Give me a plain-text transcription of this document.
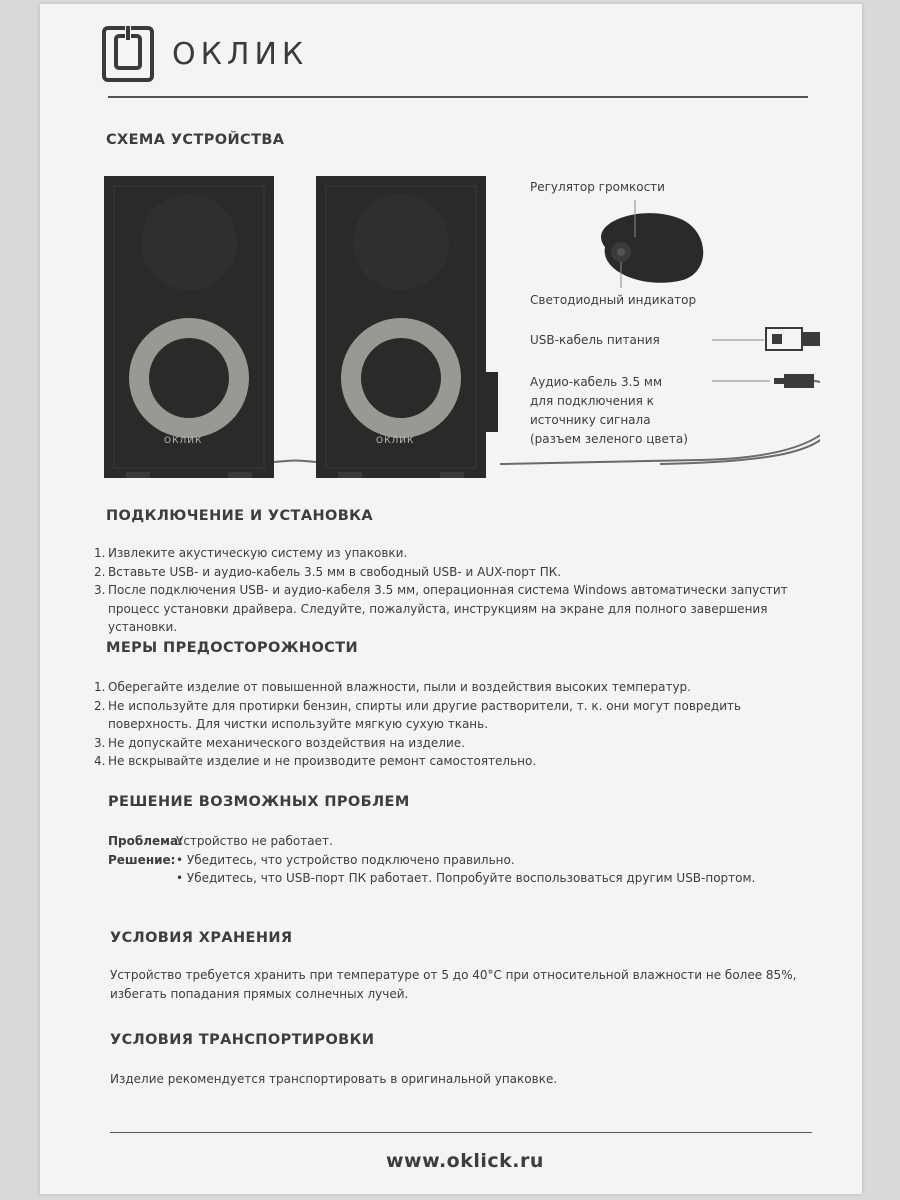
ОКЛИК
СХЕМА УСТРОЙСТВА
ОКЛИК	ОКЛИК
Регулятор громкости
Светодиодный индикатор
USB-кабель питания
Аудио-кабель 3.5 мм
для подключения к
источнику сигнала
(разъем зеленого цвета)
ПОДКЛЮЧЕНИЕ И УСТАНОВКА
1. Извлеките акустическую систему из упаковки.
2. Вставьте USB- и аудио-кабель 3.5 мм в свободный USB- и AUX-порт ПК.
3. После подключения USB- и аудио-кабеля 3.5 мм, операционная система Windows автоматически запустит процесс установки драйвера. Следуйте, пожалуйста, инструкциям на экране для полного завершения установки.
МЕРЫ ПРЕДОСТОРОЖНОСТИ
1. Оберегайте изделие от повышенной влажности, пыли и воздействия высоких температур.
2. Не используйте для протирки бензин, спирты или другие растворители, т. к. они могут повредить поверхность. Для чистки используйте мягкую сухую ткань.
3. Не допускайте механического воздействия на изделие.
4. Не вскрывайте изделие и не производите ремонт самостоятельно.
РЕШЕНИЕ ВОЗМОЖНЫХ ПРОБЛЕМ
Проблема:
Устройство не работает.
Решение: • Убедитесь, что устройство подключено правильно.
• Убедитесь, что USB-порт ПК работает. Попробуйте воспользоваться другим USB-портом.
УСЛОВИЯ ХРАНЕНИЯ
Устройство требуется хранить при температуре от 5 до 40°С при относительной влажности не более 85%, избегать попадания прямых солнечных лучей.
УСЛОВИЯ ТРАНСПОРТИРОВКИ
Изделие рекомендуется транспортировать в оригинальной упаковке.
www.oklick.ru
